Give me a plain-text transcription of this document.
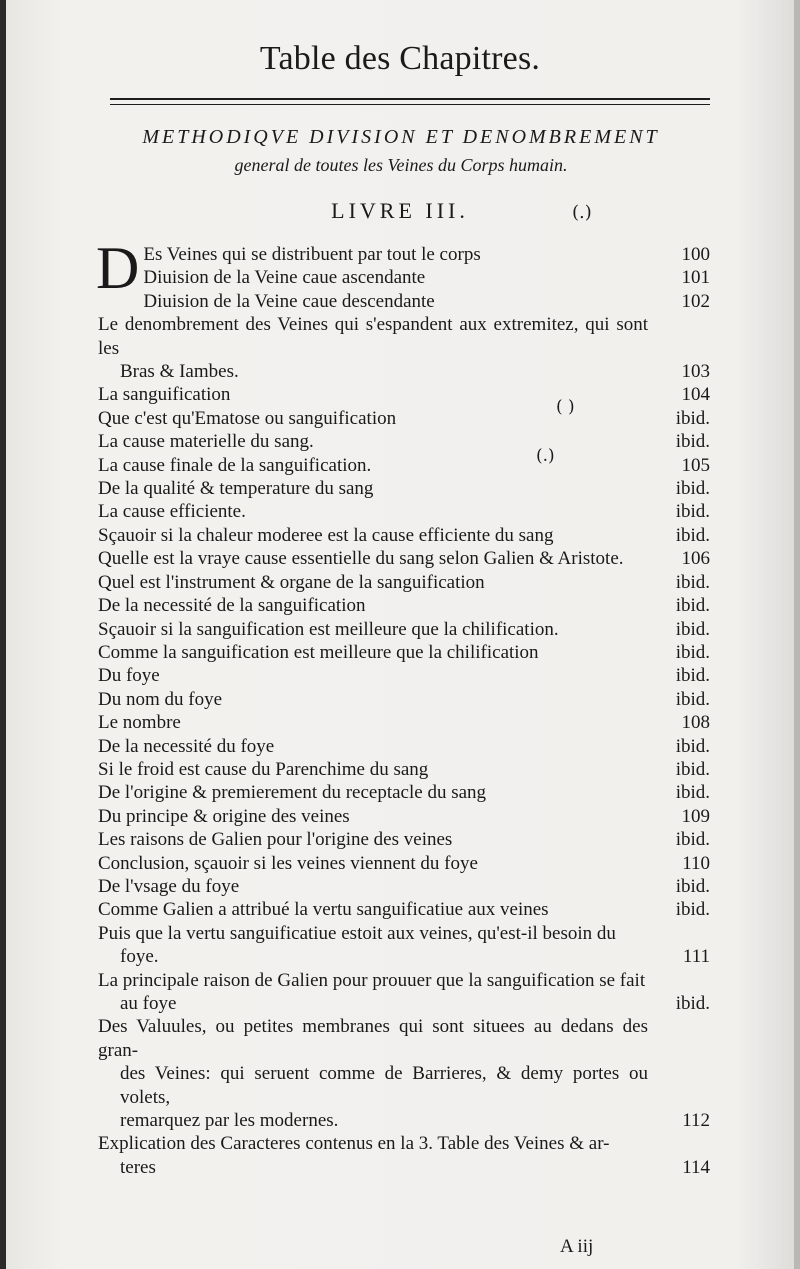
Table des Chapitres.
METHODIQVE DIVISION ET DENOMBREMENT
general de toutes les Veines du Corps humain.
LIVRE III.	(.)
D Es Veines qui se distribuent par tout le corps	100
Diuision de la Veine caue ascendante	101
Diuision de la Veine caue descendante	102
Le denombrement des Veines qui s'espandent aux extremitez, qui sont les
Bras & Iambes.	103
La sanguification	104
Que c'est qu'Ematose ou sanguification	ibid.
La cause materielle du sang.	ibid.
La cause finale de la sanguification.	105
De la qualité & temperature du sang	ibid.
La cause efficiente.	ibid.
Sçauoir si la chaleur moderee est la cause efficiente du sang	ibid.
Quelle est la vraye cause essentielle du sang selon Galien & Aristote.	106
Quel est l'instrument & organe de la sanguification	ibid.
De la necessité de la sanguification	ibid.
Sçauoir si la sanguification est meilleure que la chilification.	ibid.
Comme la sanguification est meilleure que la chilification	ibid.
Du foye	ibid.
Du nom du foye	ibid.
Le nombre	108
De la necessité du foye	ibid.
Si le froid est cause du Parenchime du sang	ibid.
De l'origine & premierement du receptacle du sang	ibid.
Du principe & origine des veines	109
Les raisons de Galien pour l'origine des veines	ibid.
Conclusion, sçauoir si les veines viennent du foye	110
De l'vsage du foye	ibid.
Comme Galien a attribué la vertu sanguificatiue aux veines	ibid.
Puis que la vertu sanguificatiue estoit aux veines, qu'est-il besoin du
foye.	111
La principale raison de Galien pour prouuer que la sanguification se fait
au foye	ibid.
Des Valuules, ou petites membranes qui sont situees au dedans des gran-
des Veines: qui seruent comme de Barrieres, & demy portes ou volets,
remarquez par les modernes.	112
Explication des Caracteres contenus en la 3. Table des Veines & ar-
teres	114
( )
(.)
A iij
